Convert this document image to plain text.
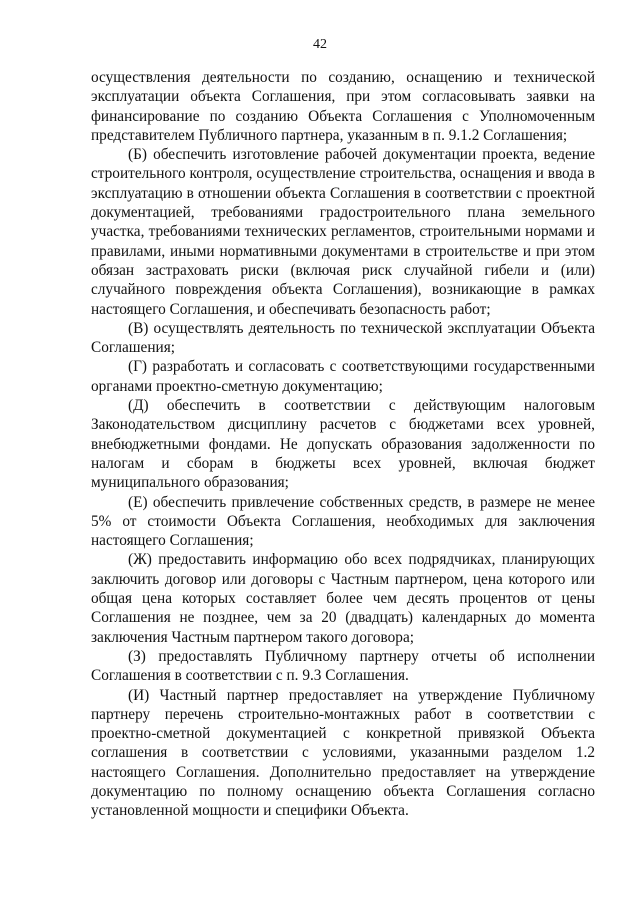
42

осуществления деятельности по созданию, оснащению и технической эксплуатации объекта Соглашения, при этом согласовывать заявки на финансирование по созданию Объекта Соглашения с Уполномоченным представителем Публичного партнера, указанным в п. 9.1.2 Соглашения;

(Б) обеспечить изготовление рабочей документации проекта, ведение строительного контроля, осуществление строительства, оснащения и ввода в эксплуатацию в отношении объекта Соглашения в соответствии с проектной документацией, требованиями градостроительного плана земельного участка, требованиями технических регламентов, строительными нормами и правилами, иными нормативными документами в строительстве и при этом обязан застраховать риски (включая риск случайной гибели и (или) случайного повреждения объекта Соглашения), возникающие в рамках настоящего Соглашения, и обеспечивать безопасность работ;

(В) осуществлять деятельность по технической эксплуатации Объекта Соглашения;

(Г) разработать и согласовать с соответствующими государственными органами проектно-сметную документацию;

(Д) обеспечить в соответствии с действующим налоговым Законодательством дисциплину расчетов с бюджетами всех уровней, внебюджетными фондами. Не допускать образования задолженности по налогам и сборам в бюджеты всех уровней, включая бюджет муниципального образования;

(Е) обеспечить привлечение собственных средств, в размере не менее 5% от стоимости Объекта Соглашения, необходимых для заключения настоящего Соглашения;

(Ж) предоставить информацию обо всех подрядчиках, планирующих заключить договор или договоры с Частным партнером, цена которого или общая цена которых составляет более чем десять процентов от цены Соглашения не позднее, чем за 20 (двадцать) календарных до момента заключения Частным партнером такого договора;

(З) предоставлять Публичному партнеру отчеты об исполнении Соглашения в соответствии с п. 9.3 Соглашения.

(И) Частный партнер предоставляет на утверждение Публичному партнеру перечень строительно-монтажных работ в соответствии с проектно-сметной документацией с конкретной привязкой Объекта соглашения в соответствии с условиями, указанными разделом 1.2 настоящего Соглашения. Дополнительно предоставляет на утверждение документацию по полному оснащению объекта Соглашения согласно установленной мощности и специфики Объекта.
